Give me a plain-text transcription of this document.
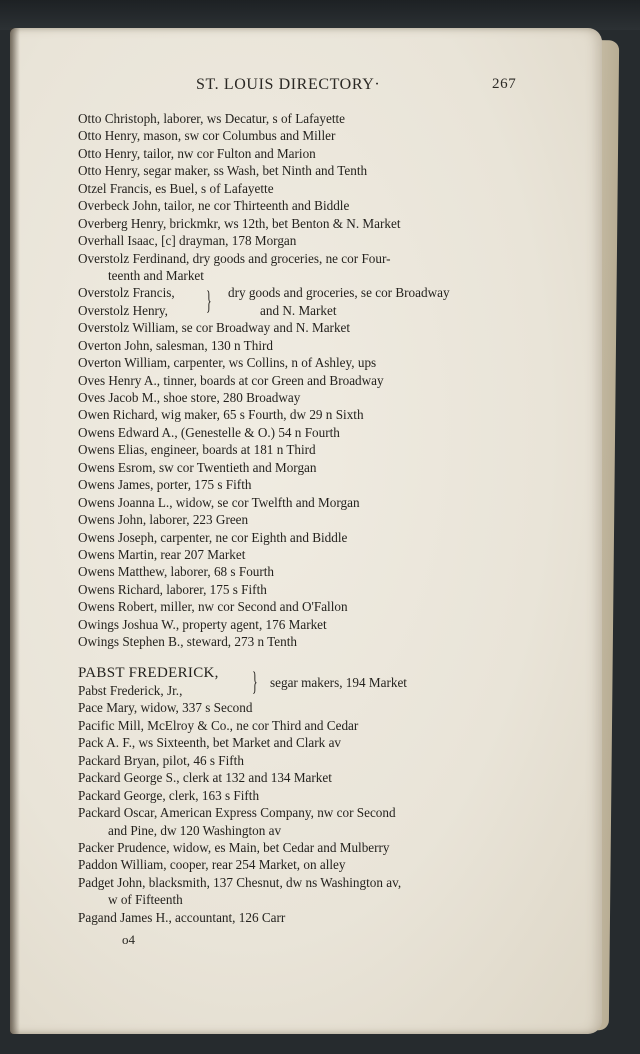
ST. LOUIS DIRECTORY·	267
Otto Christoph, laborer, ws Decatur, s of Lafayette
Otto Henry, mason, sw cor Columbus and Miller
Otto Henry, tailor, nw cor Fulton and Marion
Otto Henry, segar maker, ss Wash, bet Ninth and Tenth
Otzel Francis, es Buel, s of Lafayette
Overbeck John, tailor, ne cor Thirteenth and Biddle
Overberg Henry, brickmkr, ws 12th, bet Benton & N. Market
Overhall Isaac, [c] drayman, 178 Morgan
Overstolz Ferdinand, dry goods and groceries, ne cor Four-
teenth and Market
Overstolz Francis,
Overstolz Henry, } dry goods and groceries, se cor Broadway
and N. Market
Overstolz William, se cor Broadway and N. Market
Overton John, salesman, 130 n Third
Overton William, carpenter, ws Collins, n of Ashley, ups
Oves Henry A., tinner, boards at cor Green and Broadway
Oves Jacob M., shoe store, 280 Broadway
Owen Richard, wig maker, 65 s Fourth, dw 29 n Sixth
Owens Edward A., (Genestelle & O.) 54 n Fourth
Owens Elias, engineer, boards at 181 n Third
Owens Esrom, sw cor Twentieth and Morgan
Owens James, porter, 175 s Fifth
Owens Joanna L., widow, se cor Twelfth and Morgan
Owens John, laborer, 223 Green
Owens Joseph, carpenter, ne cor Eighth and Biddle
Owens Martin, rear 207 Market
Owens Matthew, laborer, 68 s Fourth
Owens Richard, laborer, 175 s Fifth
Owens Robert, miller, nw cor Second and O'Fallon
Owings Joshua W., property agent, 176 Market
Owings Stephen B., steward, 273 n Tenth
PABST FREDERICK,
Pabst Frederick, Jr.,	} segar makers, 194 Market
Pace Mary, widow, 337 s Second
Pacific Mill, McElroy & Co., ne cor Third and Cedar
Pack A. F., ws Sixteenth, bet Market and Clark av
Packard Bryan, pilot, 46 s Fifth
Packard George S., clerk at 132 and 134 Market
Packard George, clerk, 163 s Fifth
Packard Oscar, American Express Company, nw cor Second
and Pine, dw 120 Washington av
Packer Prudence, widow, es Main, bet Cedar and Mulberry
Paddon William, cooper, rear 254 Market, on alley
Padget John, blacksmith, 137 Chesnut, dw ns Washington av,
w of Fifteenth
Pagand James H., accountant, 126 Carr
o4
